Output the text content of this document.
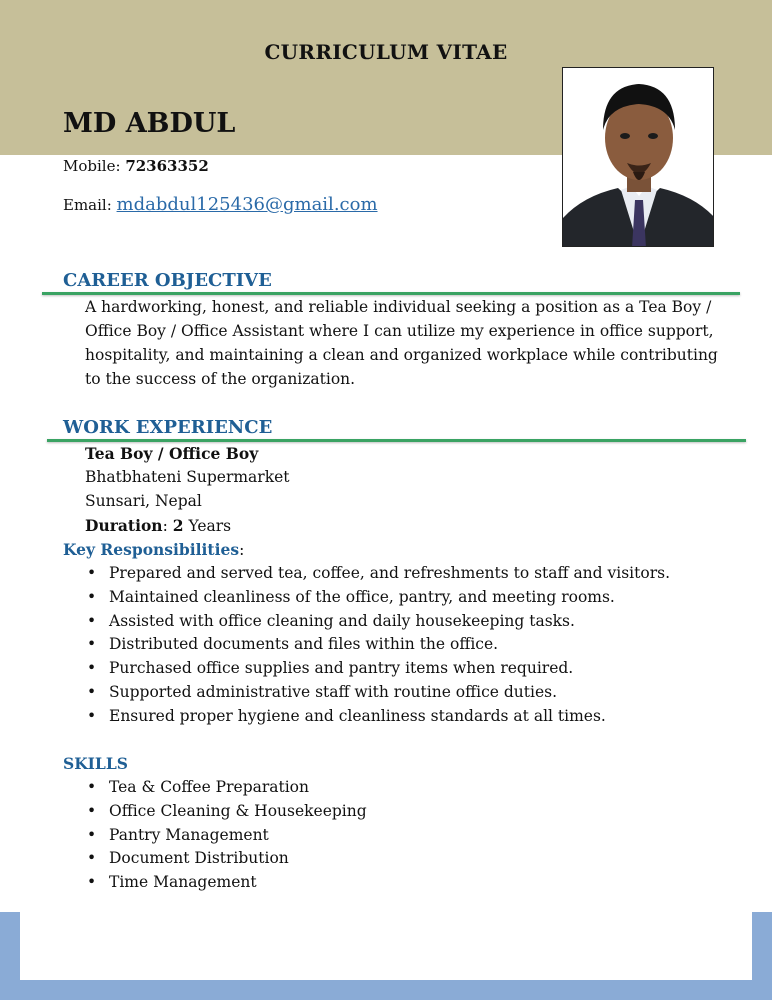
CURRICULUM VITAE
MD ABDUL
Mobile: 72363352
Email: mdabdul125436@gmail.com
CAREER OBJECTIVE
A hardworking, honest, and reliable individual seeking a position as a Tea Boy /
Office Boy / Office Assistant where I can utilize my experience in office support,
hospitality, and maintaining a clean and organized workplace while contributing
to the success of the organization.
WORK EXPERIENCE
Tea Boy / Office Boy
Bhatbhateni Supermarket
Sunsari, Nepal
Duration: 2 Years
Key Responsibilities:
• Prepared and served tea, coffee, and refreshments to staff and visitors.
• Maintained cleanliness of the office, pantry, and meeting rooms.
• Assisted with office cleaning and daily housekeeping tasks.
• Distributed documents and files within the office.
• Purchased office supplies and pantry items when required.
• Supported administrative staff with routine office duties.
• Ensured proper hygiene and cleanliness standards at all times.
SKILLS
• Tea & Coffee Preparation
• Office Cleaning & Housekeeping
• Pantry Management
• Document Distribution
• Time Management
